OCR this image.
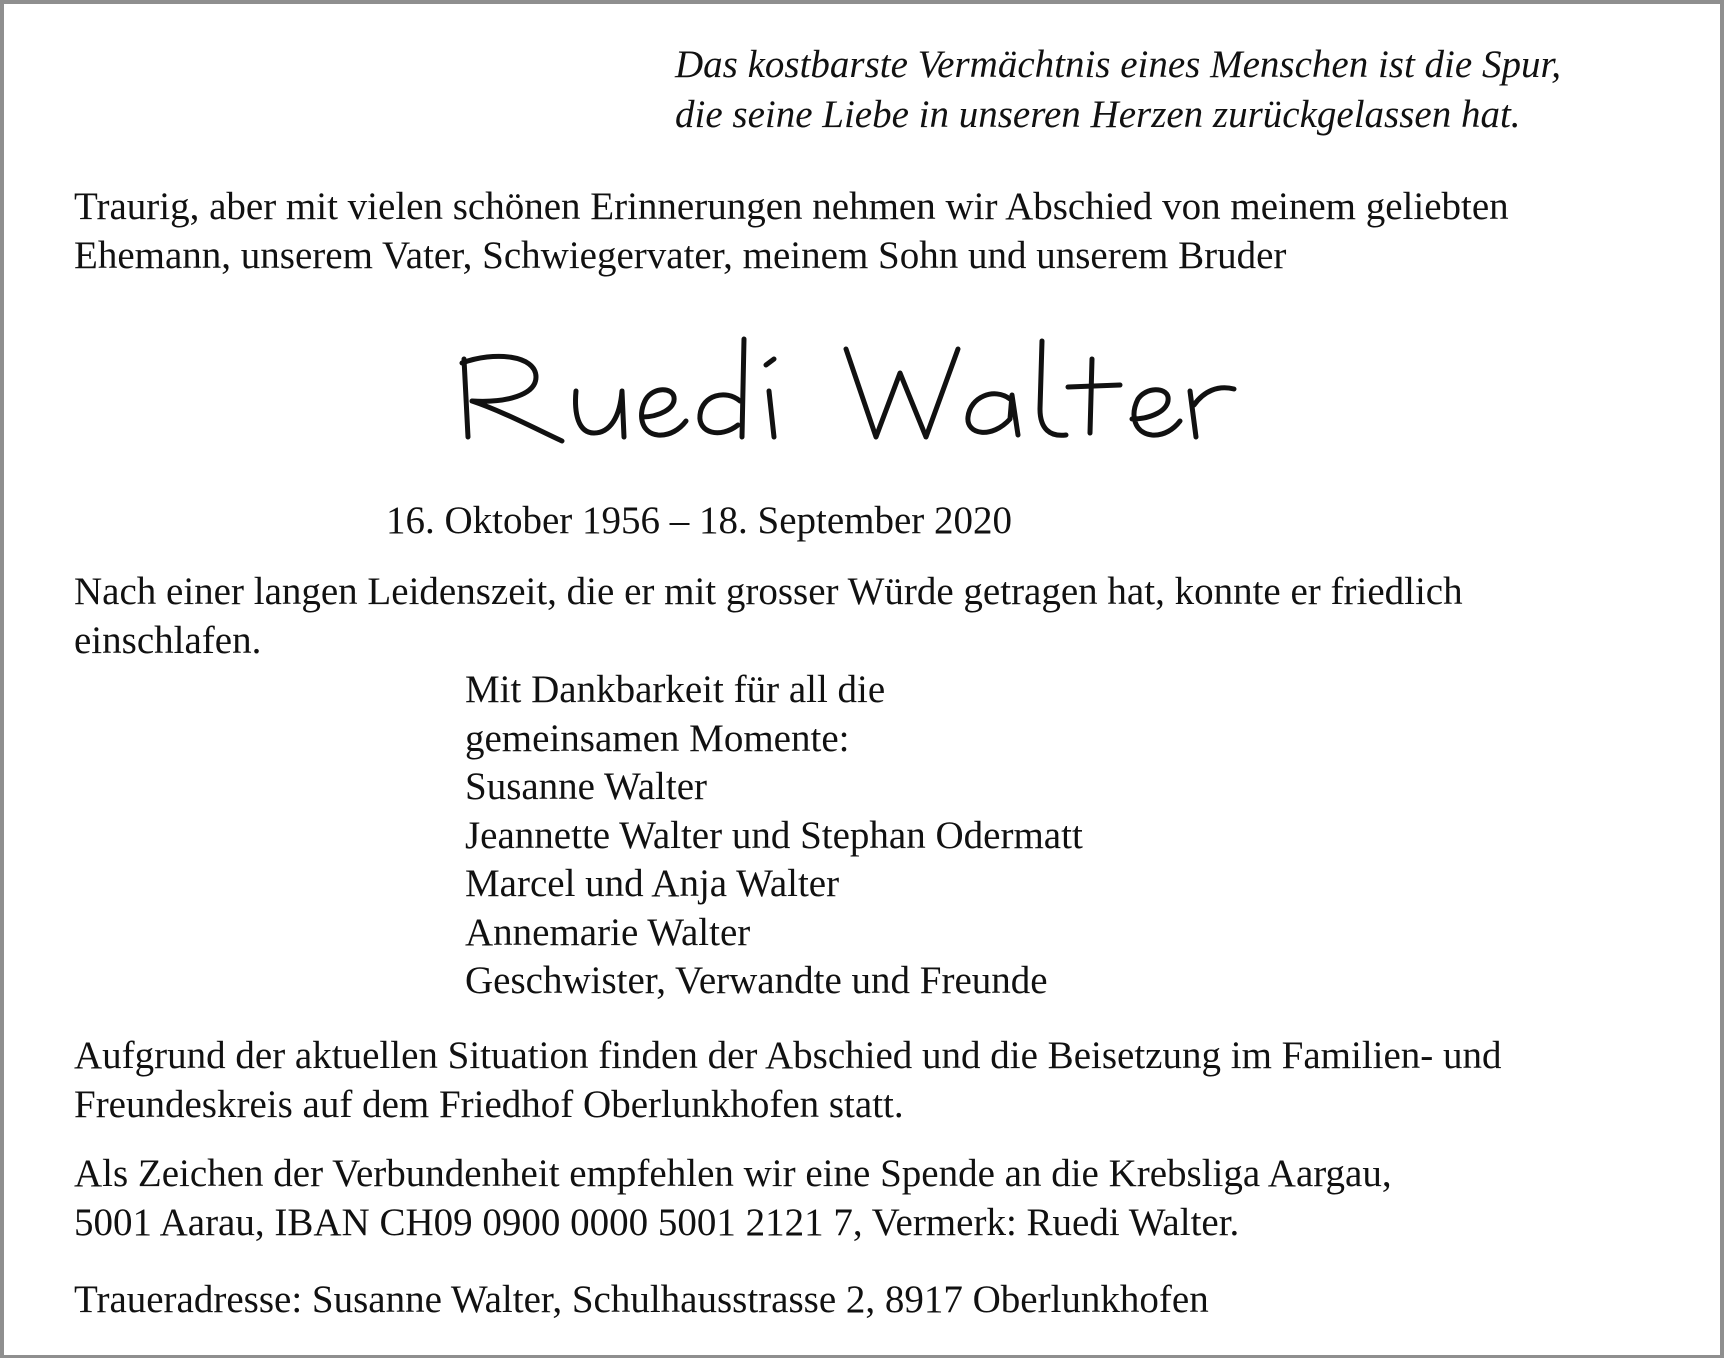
Das kostbarste Vermächtnis eines Menschen ist die Spur,
die seine Liebe in unseren Herzen zurückgelassen hat.

Traurig, aber mit vielen schönen Erinnerungen nehmen wir Abschied von meinem geliebten
Ehemann, unserem Vater, Schwiegervater, meinem Sohn und unserem Bruder

16. Oktober 1956 – 18. September 2020

Nach einer langen Leidenszeit, die er mit grosser Würde getragen hat, konnte er friedlich
einschlafen.

Mit Dankbarkeit für all die
gemeinsamen Momente:
Susanne Walter
Jeannette Walter und Stephan Odermatt
Marcel und Anja Walter
Annemarie Walter
Geschwister, Verwandte und Freunde

Aufgrund der aktuellen Situation finden der Abschied und die Beisetzung im Familien- und
Freundeskreis auf dem Friedhof Oberlunkhofen statt.

Als Zeichen der Verbundenheit empfehlen wir eine Spende an die Krebsliga Aargau,
5001 Aarau, IBAN CH09 0900 0000 5001 2121 7, Vermerk: Ruedi Walter.

Traueradresse: Susanne Walter, Schulhausstrasse 2, 8917 Oberlunkhofen
